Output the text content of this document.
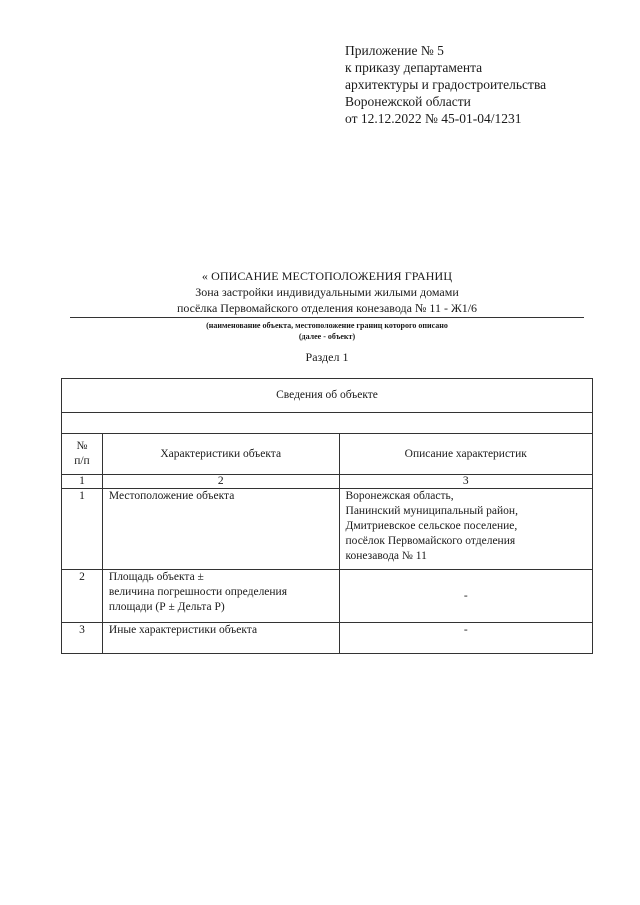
Приложение № 5
к приказу департамента
архитектуры и градостроительства
Воронежской области
от 12.12.2022 № 45-01-04/1231
« ОПИСАНИЕ МЕСТОПОЛОЖЕНИЯ ГРАНИЦ
Зона застройки индивидуальными жилыми домами
посёлка Первомайского отделения конезавода № 11 - Ж1/6
(наименование объекта, местоположение границ которого описано
(далее - объект)
Раздел 1
Сведения об объекте		

№
п/п	Характеристики объекта	Описание характеристик
1	2	3
1	Местоположение объекта	Воронежская область,
Панинский муниципальный район,
Дмитриевское сельское поселение,
посёлок Первомайского отделения
конезавода № 11

2	Площадь объекта ±
величина погрешности определения
площади (Р ± Дельта Р)	-

3	Иные характеристики объекта	-
